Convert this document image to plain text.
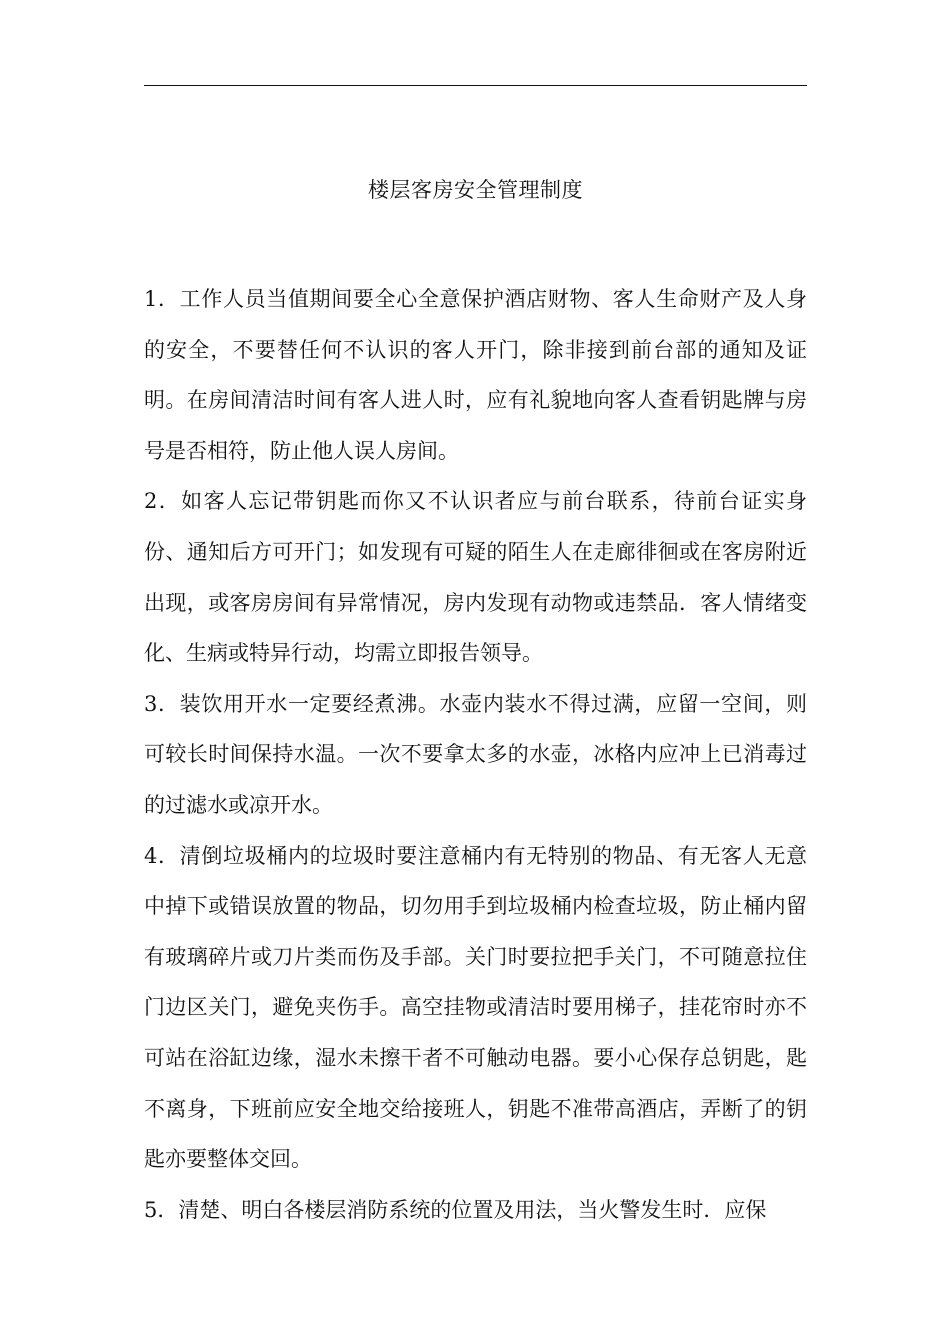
楼层客房安全管理制度

1．工作人员当值期间要全心全意保护酒店财物、客人生命财产及人身的安全，不要替任何不认识的客人开门，除非接到前台部的通知及证明。在房间清洁时间有客人进人时，应有礼貌地向客人查看钥匙牌与房号是否相符，防止他人误人房间。

2．如客人忘记带钥匙而你又不认识者应与前台联系，待前台证实身份、通知后方可开门；如发现有可疑的陌生人在走廊徘徊或在客房附近出现，或客房房间有异常情况，房内发现有动物或违禁品．客人情绪变化、生病或特异行动，均需立即报告领导。

3．装饮用开水一定要经煮沸。水壶内装水不得过满，应留一空间，则可较长时间保持水温。一次不要拿太多的水壶，冰格内应冲上已消毒过的过滤水或凉开水。

4．清倒垃圾桶内的垃圾时要注意桶内有无特别的物品、有无客人无意中掉下或错误放置的物品，切勿用手到垃圾桶内检查垃圾，防止桶内留有玻璃碎片或刀片类而伤及手部。关门时要拉把手关门，不可随意拉住门边区关门，避免夹伤手。高空挂物或清洁时要用梯子，挂花帘时亦不可站在浴缸边缘，湿水未擦干者不可触动电器。要小心保存总钥匙，匙不离身，下班前应安全地交给接班人，钥匙不准带高酒店，弄断了的钥匙亦要整体交回。

5．清楚、明白各楼层消防系统的位置及用法，当火警发生时．应保
